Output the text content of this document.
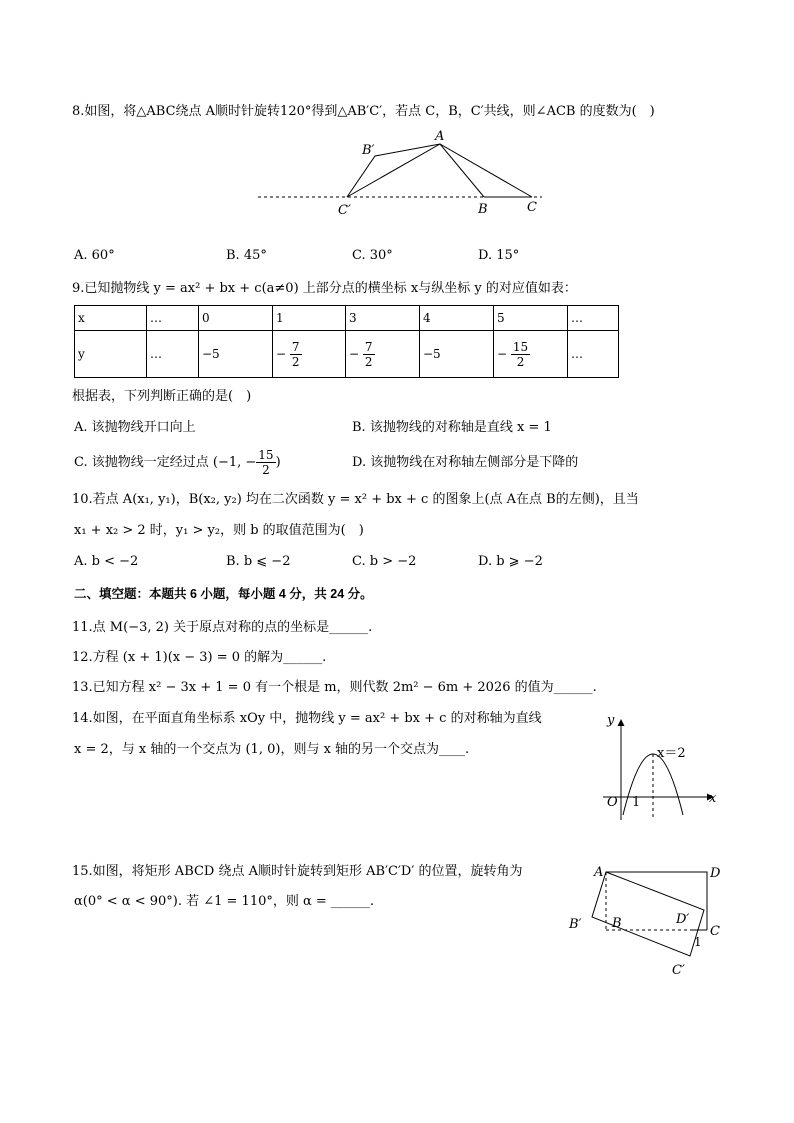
8.如图，将△ABC绕点 A顺时针旋转120°得到△AB′C′，若点 C，B，C′共线，则∠ACB 的度数为(　)
A
B′
C′	B	C
A. 60°	B. 45°	C. 30°	D. 15°
9.已知抛物线 y = ax² + bx + c(a≠0) 上部分点的横坐标 x与纵坐标 y 的对应值如表：
x	…	0	1	3	4	5	…
y	…	−5	− $\frac{7}{2}$	− $\frac{7}{2}$	−5	− $\frac{15}{2}$	…
根据表，下列判断正确的是(　)
A. 该抛物线开口向上	B. 该抛物线的对称轴是直线 x = 1
C. 该抛物线一定经过点 (−1, − $\frac{15}{2}$ )	D. 该抛物线在对称轴左侧部分是下降的
10.若点 A(x₁, y₁)，B(x₂, y₂) 均在二次函数 y = x² + bx + c 的图象上(点 A在点 B的左侧)，且当
x₁ + x₂ > 2 时，y₁ > y₂，则 b 的取值范围为(　)
A. b < −2	B. b ⩽ −2	C. b > −2	D. b ⩾ −2
二、填空题：本题共 6 小题，每小题 4 分，共 24 分。
11.点 M(−3, 2) 关于原点对称的点的坐标是______.
12.方程 (x + 1)(x − 3) = 0 的解为______.
13.已知方程 x² − 3x + 1 = 0 有一个根是 m，则代数 2m² − 6m + 2026 的值为______.
14.如图，在平面直角坐标系 xOy 中，抛物线 y = ax² + bx + c 的对称轴为直线
x = 2，与 x 轴的一个交点为 (1, 0)，则与 x 轴的另一个交点为____.
y
x
O 1
x＝2
15.如图，将矩形 ABCD 绕点 A顺时针旋转到矩形 AB′C′D′ 的位置，旋转角为
α(0° < α < 90°). 若 ∠1 = 110°，则 α = ______.
A	D
B′ B	D′
C
1
C′
